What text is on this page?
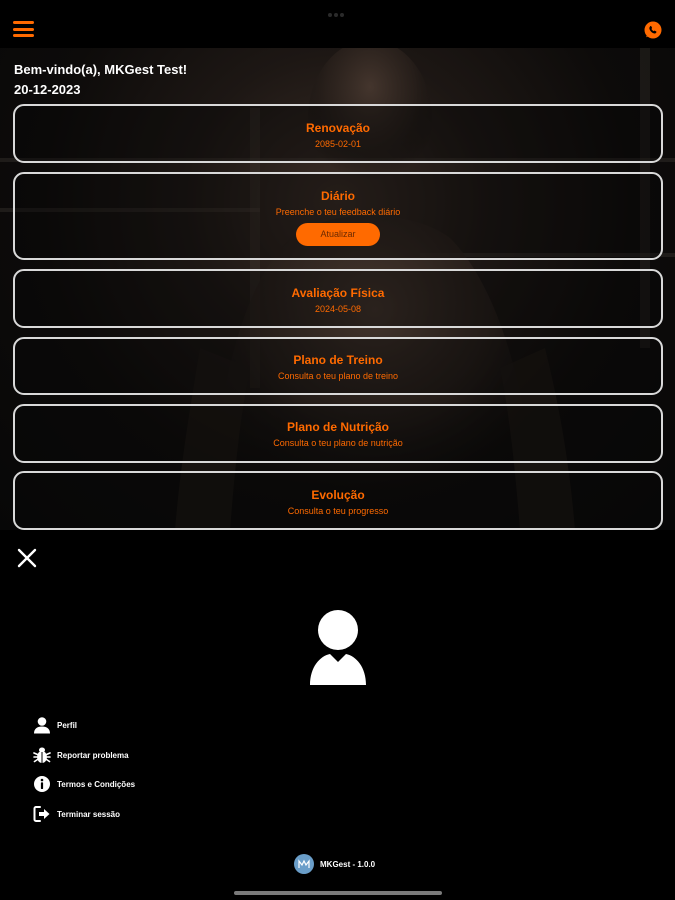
Bem-vindo(a), MKGest Test!
20-12-2023
Renovação
2085-02-01
Diário
Preenche o teu feedback diário
Atualizar
Avaliação Física
2024-05-08
Plano de Treino
Consulta o teu plano de treino
Plano de Nutrição
Consulta o teu plano de nutrição
Evolução
Consulta o teu progresso
Perfil
Reportar problema
Termos e Condições
Terminar sessão
MKGest - 1.0.0
